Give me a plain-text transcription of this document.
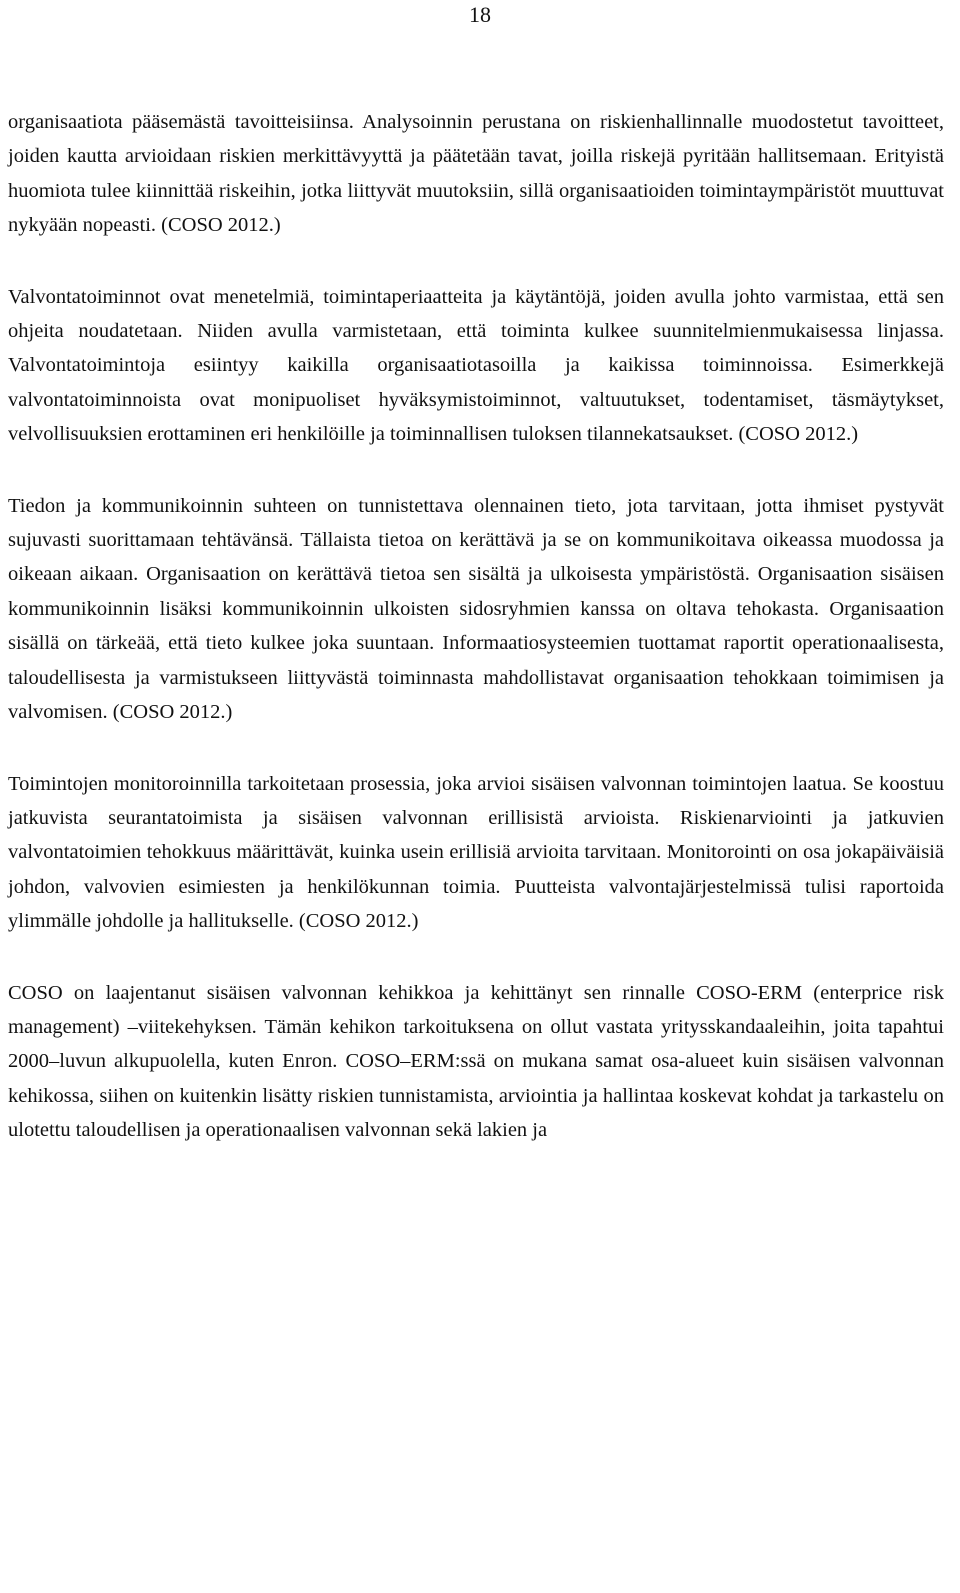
18

organisaatiota pääsemästä tavoitteisiinsa. Analysoinnin perustana on riskienhallinnalle muodostetut tavoitteet, joiden kautta arvioidaan riskien merkittävyyttä ja päätetään tavat, joilla riskejä pyritään hallitsemaan. Erityistä huomiota tulee kiinnittää riskeihin, jotka liittyvät muutoksiin, sillä organisaatioiden toimintaympäristöt muuttuvat nykyään nopeasti. (COSO 2012.)

Valvontatoiminnot ovat menetelmiä, toimintaperiaatteita ja käytäntöjä, joiden avulla johto varmistaa, että sen ohjeita noudatetaan. Niiden avulla varmistetaan, että toiminta kulkee suunnitelmienmukaisessa linjassa. Valvontatoimintoja esiintyy kaikilla organisaatiotasoilla ja kaikissa toiminnoissa. Esimerkkejä valvontatoiminnoista ovat monipuoliset hyväksymistoiminnot, valtuutukset, todentamiset, täsmäytykset, velvollisuuksien erottaminen eri henkilöille ja toiminnallisen tuloksen tilannekatsaukset. (COSO 2012.)

Tiedon ja kommunikoinnin suhteen on tunnistettava olennainen tieto, jota tarvitaan, jotta ihmiset pystyvät sujuvasti suorittamaan tehtävänsä. Tällaista tietoa on kerättävä ja se on kommunikoitava oikeassa muodossa ja oikeaan aikaan. Organisaation on kerättävä tietoa sen sisältä ja ulkoisesta ympäristöstä. Organisaation sisäisen kommunikoinnin lisäksi kommunikoinnin ulkoisten sidosryhmien kanssa on oltava tehokasta. Organisaation sisällä on tärkeää, että tieto kulkee joka suuntaan. Informaatiosysteemien tuottamat raportit operationaalisesta, taloudellisesta ja varmistukseen liittyvästä toiminnasta mahdollistavat organisaation tehokkaan toimimisen ja valvomisen. (COSO 2012.)

Toimintojen monitoroinnilla tarkoitetaan prosessia, joka arvioi sisäisen valvonnan toimintojen laatua. Se koostuu jatkuvista seurantatoimista ja sisäisen valvonnan erillisistä arvioista. Riskienarviointi ja jatkuvien valvontatoimien tehokkuus määrittävät, kuinka usein erillisiä arvioita tarvitaan. Monitorointi on osa jokapäiväisiä johdon, valvovien esimiesten ja henkilökunnan toimia. Puutteista valvontajärjestelmissä tulisi raportoida ylimmälle johdolle ja hallitukselle. (COSO 2012.)

COSO on laajentanut sisäisen valvonnan kehikkoa ja kehittänyt sen rinnalle COSO-ERM (enterprice risk management) –viitekehyksen. Tämän kehikon tarkoituksena on ollut vastata yritysskandaaleihin, joita tapahtui 2000–luvun alkupuolella, kuten Enron. COSO–ERM:ssä on mukana samat osa-alueet kuin sisäisen valvonnan kehikossa, siihen on kuitenkin lisätty riskien tunnistamista, arviointia ja hallintaa koskevat kohdat ja tarkastelu on ulotettu taloudellisen ja operationaalisen valvonnan sekä lakien ja
